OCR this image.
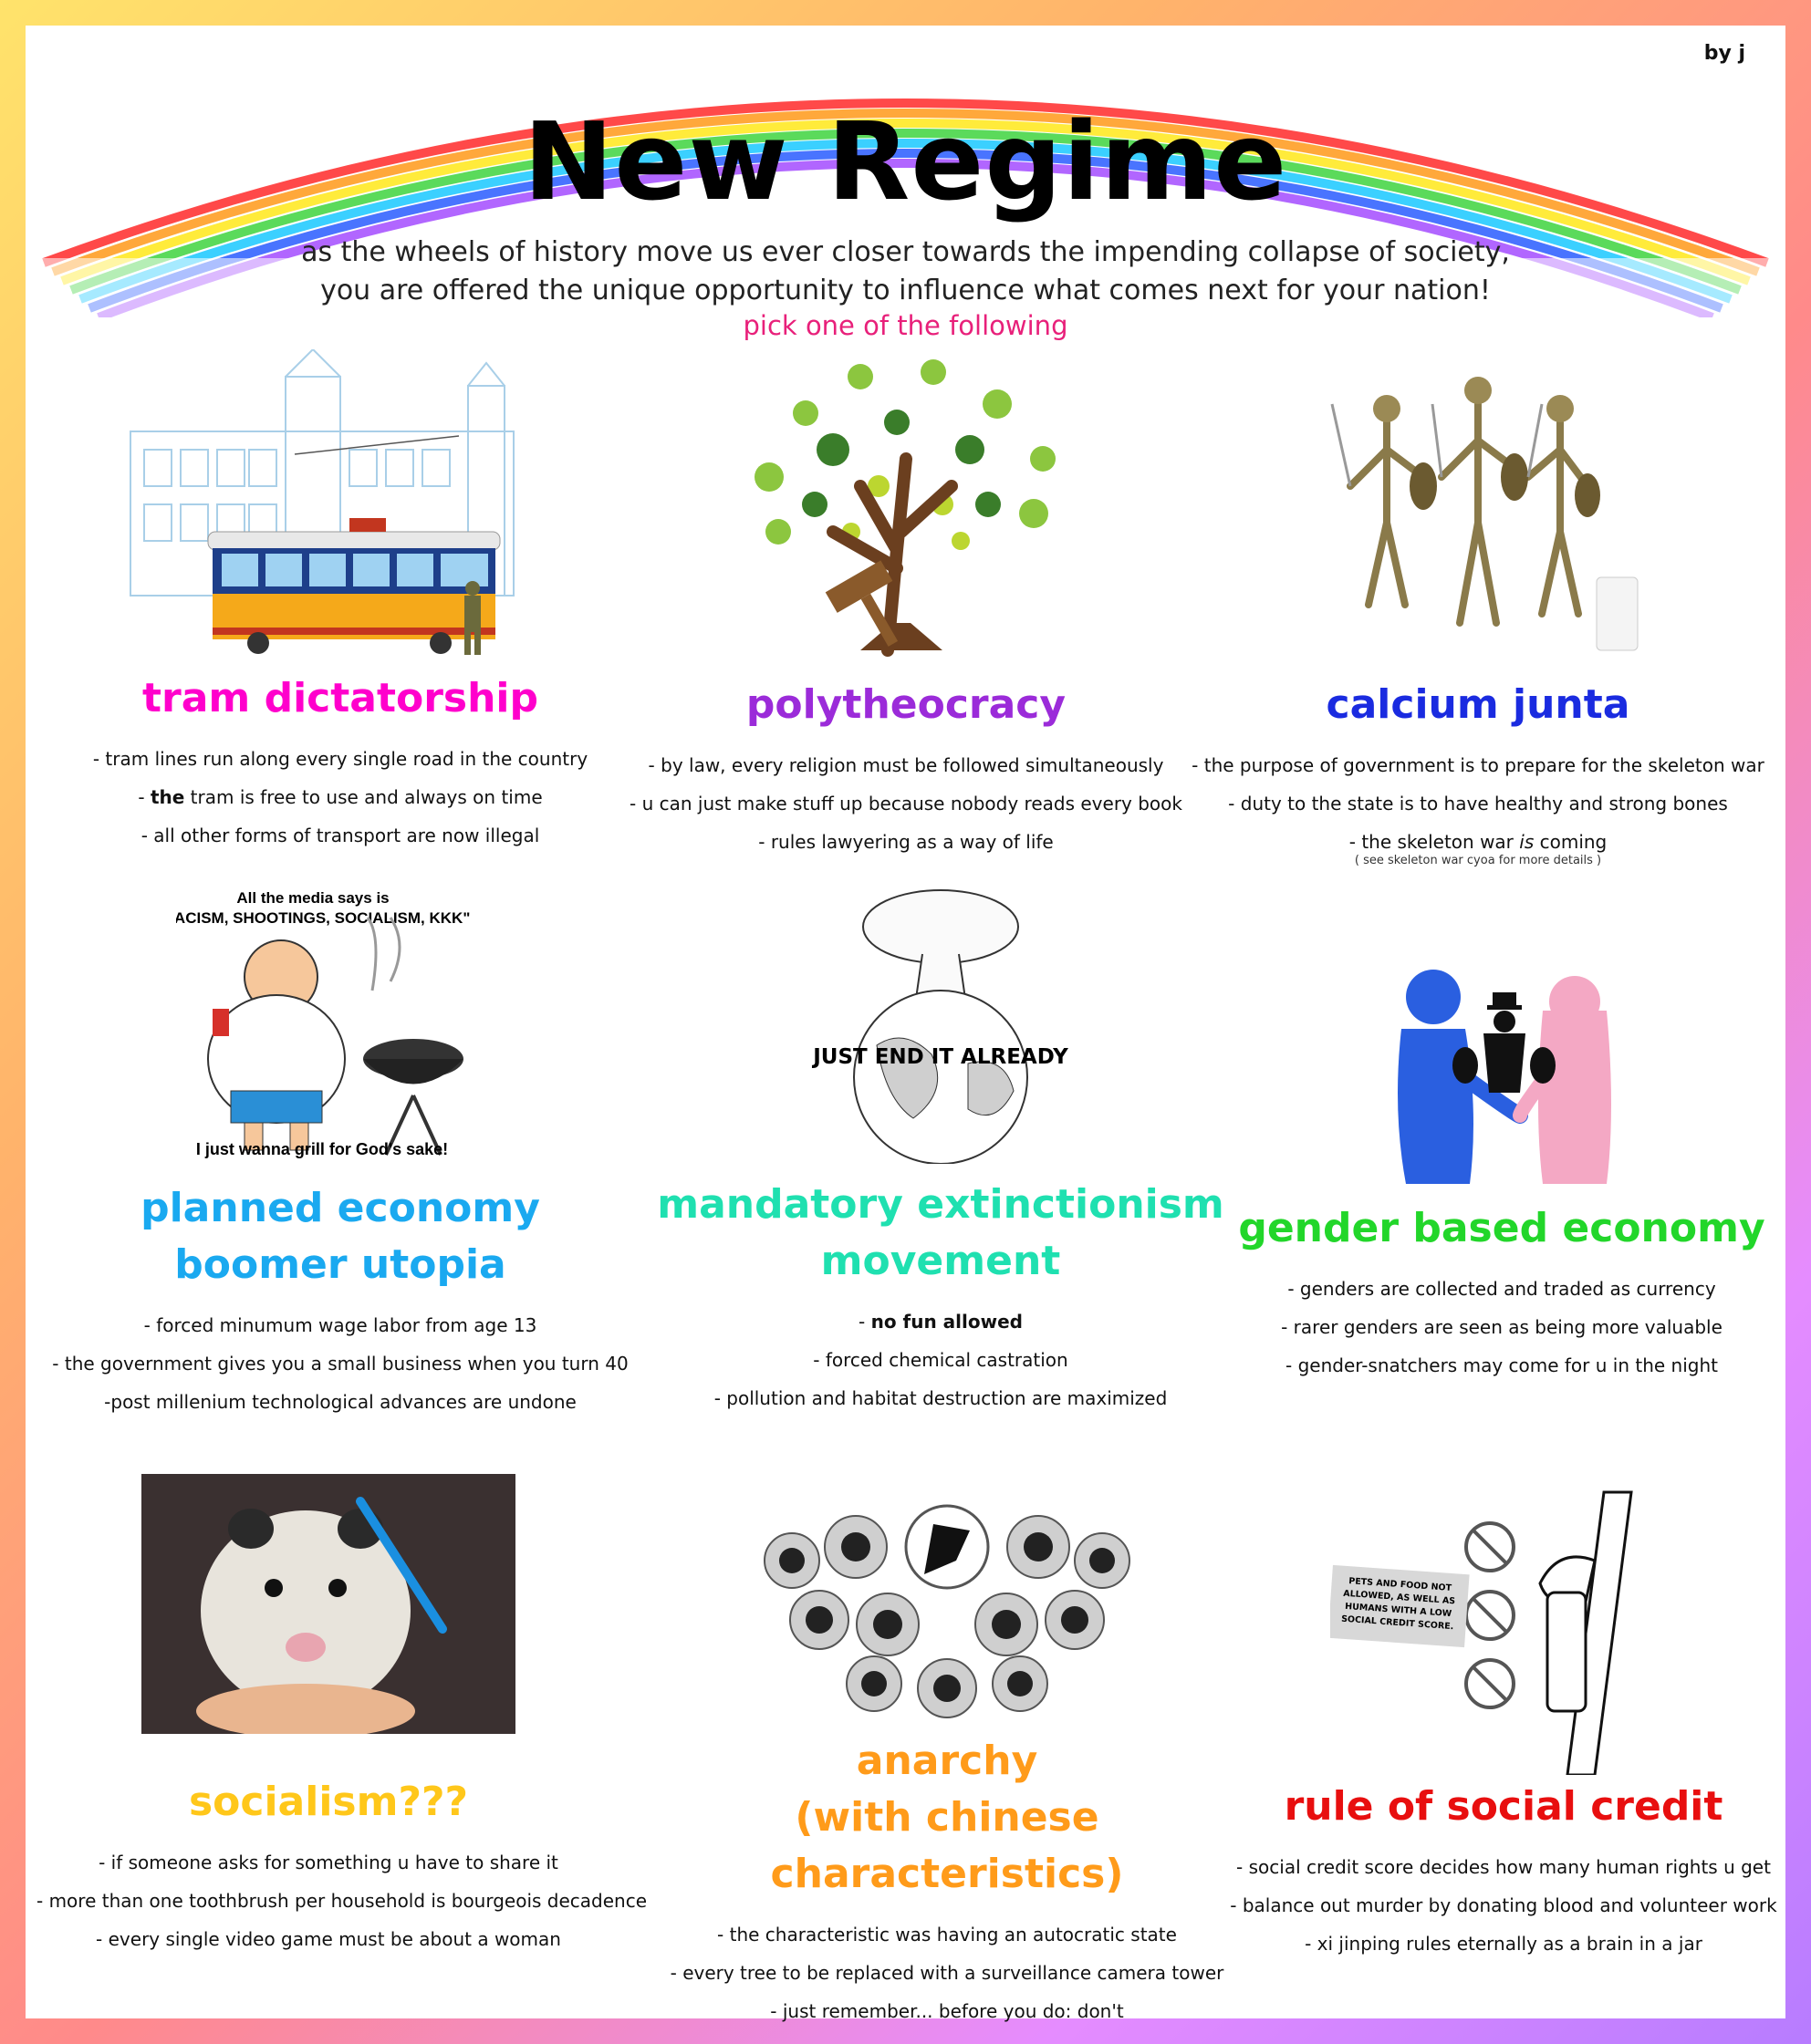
by j
New Regime
as the wheels of history move us ever closer towards the impending collapse of society,
you are offered the unique opportunity to influence what comes next for your nation!
pick one of the following
tram dictatorship
- tram lines run along every single road in the country
- the tram is free to use and always on time
- all other forms of transport are now illegal
polytheocracy
- by law, every religion must be followed simultaneously
- u can just make stuff up because nobody reads every book
- rules lawyering as a way of life
calcium junta
- the purpose of government is to prepare for the skeleton war
- duty to the state is to have healthy and strong bones
- the skeleton war is coming
( see skeleton war cyoa for more details )
All the media says is
"RACISM, SHOOTINGS, SOCIALISM, KKK"
I just wanna grill for God's sake!
planned economy
boomer utopia
- forced minumum wage labor from age 13
- the government gives you a small business when you turn 40
-post millenium technological advances are undone
JUST END IT ALREADY
mandatory extinctionism
movement
- no fun allowed
- forced chemical castration
- pollution and habitat destruction are maximized
gender based economy
- genders are collected and traded as currency
- rarer genders are seen as being more valuable
- gender-snatchers may come for u in the night
socialism???
- if someone asks for something u have to share it
- more than one toothbrush per household is bourgeois decadence
- every single video game must be about a woman
anarchy
(with chinese characteristics)
- the characteristic was having an autocratic state
- every tree to be replaced with a surveillance camera tower
- just remember... before you do: don't
PETS AND FOOD NOT
ALLOWED, AS WELL AS
HUMANS WITH A LOW
SOCIAL CREDIT SCORE.
rule of social credit
- social credit score decides how many human rights u get
- balance out murder by donating blood and volunteer work
- xi jinping rules eternally as a brain in a jar
